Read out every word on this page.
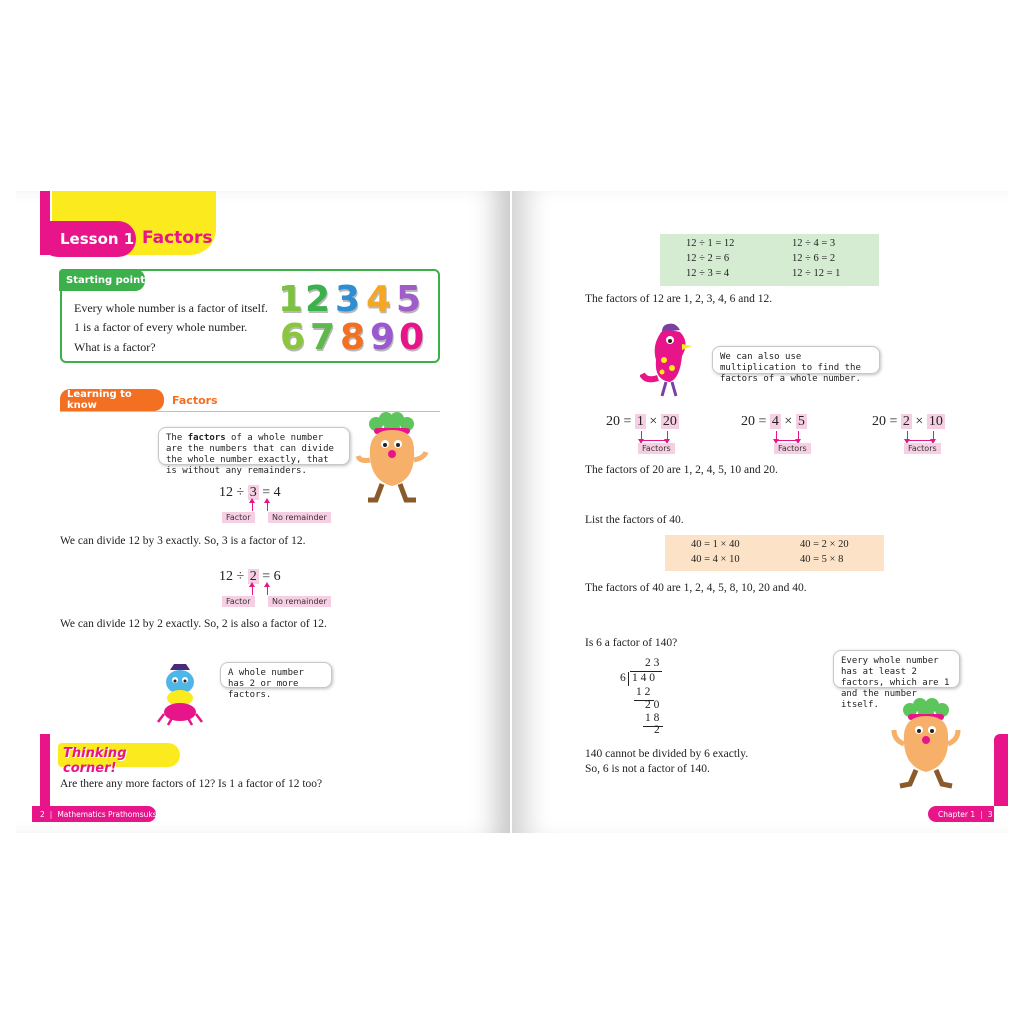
Lesson 1 Factors
Starting point
Every whole number is a factor of itself.
1 is a factor of every whole number.
What is a factor?
1 2 3 4 5
6 7 8 9 0
Learning to know	Factors
The factors of a whole number are the numbers that can divide the whole number exactly, that is without any remainders.
12 ÷ 3 = 4
Factor	No remainder
We can divide 12 by 3 exactly. So, 3 is a factor of 12.
12 ÷ 2 = 6
Factor	No remainder
We can divide 12 by 2 exactly. So, 2 is also a factor of 12.
A whole number has 2 or more factors.
Thinking corner!
Are there any more factors of 12? Is 1 a factor of 12 too?
2 | Mathematics Prathomsuksa 6
12 ÷ 1 = 12	12 ÷ 4 = 3
12 ÷ 2 = 6	12 ÷ 6 = 2
12 ÷ 3 = 4	12 ÷ 12 = 1
The factors of 12 are 1, 2, 3, 4, 6 and 12.
We can also use multiplication to find the factors of a whole number.
20 = 1 × 20
Factors
20 = 4 × 5
Factors
20 = 2 × 10
Factors
The factors of 20 are 1, 2, 4, 5, 10 and 20.
List the factors of 40.
40 = 1 × 40	40 = 2 × 20
40 = 4 × 10	40 = 5 × 8
The factors of 40 are 1, 2, 4, 5, 8, 10, 20 and 40.
Is 6 a factor of 140?
2 3
6 1 4 0
1 2
2 0
1 8
2
140 cannot be divided by 6 exactly.
So, 6 is not a factor of 140.
Every whole number has at least 2 factors, which are 1 and the number itself.
Chapter 1 | 3
